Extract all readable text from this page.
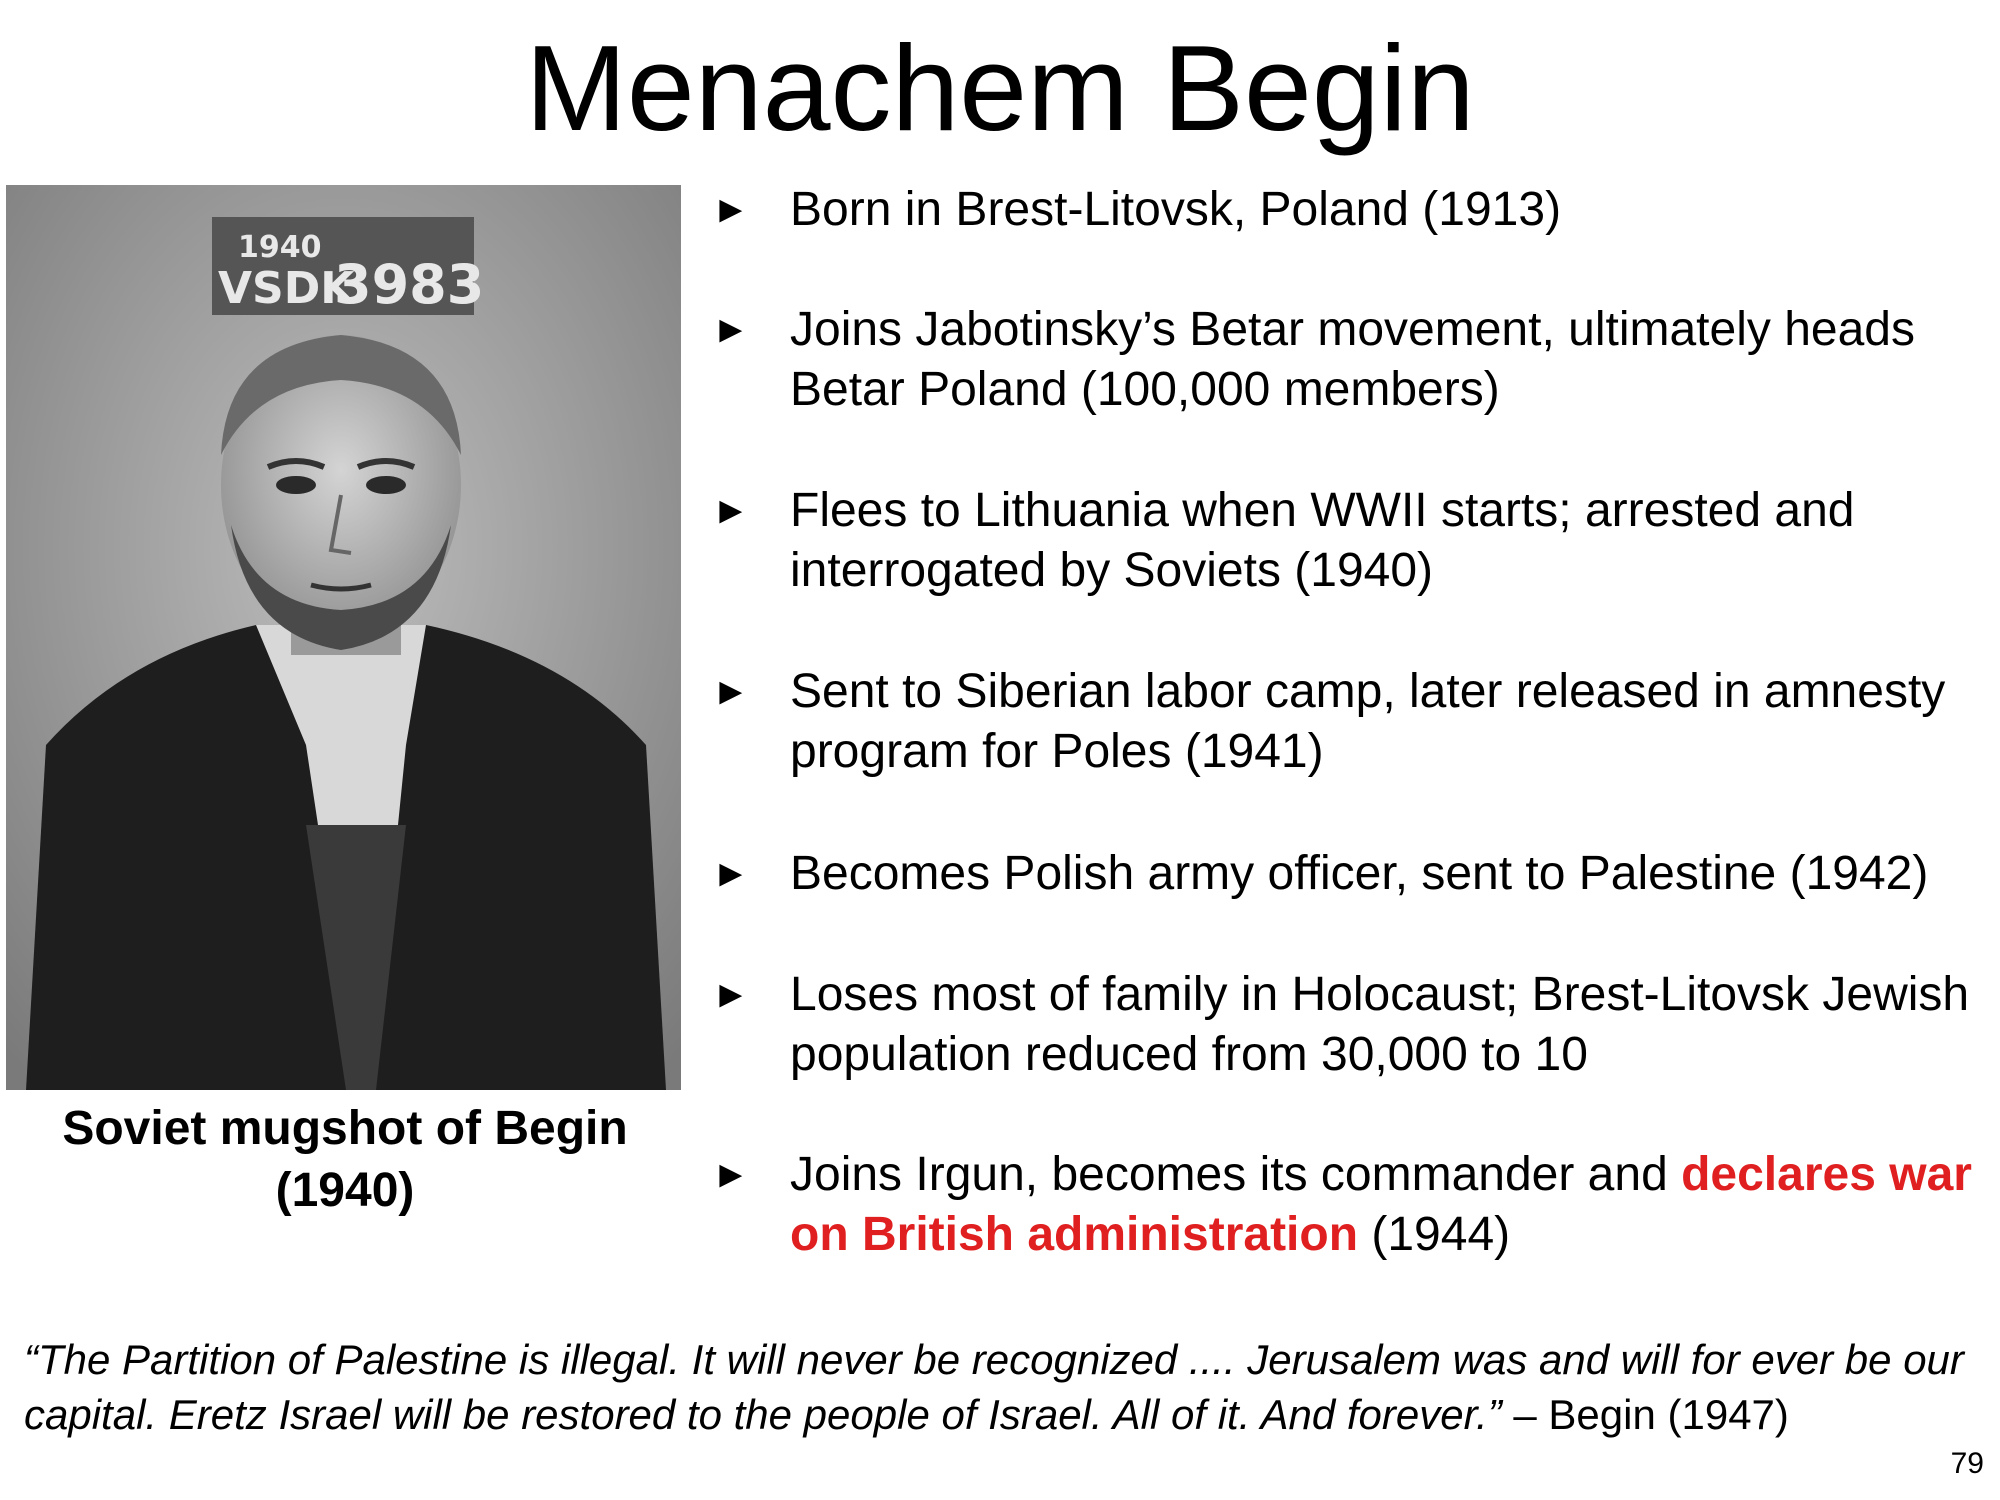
Menachem Begin
1940
VSDK
3983
Soviet mugshot of Begin (1940)
► Born in Brest-Litovsk, Poland (1913)
► Joins Jabotinsky’s Betar movement, ultimately heads Betar Poland (100,000 members)
► Flees to Lithuania when WWII starts; arrested and interrogated by Soviets (1940)
► Sent to Siberian labor camp, later released in amnesty program for Poles (1941)
► Becomes Polish army officer, sent to Palestine (1942)
► Loses most of family in Holocaust; Brest-Litovsk Jewish population reduced from 30,000 to 10
► Joins Irgun, becomes its commander and declares war on British administration (1944)
“The Partition of Palestine is illegal. It will never be recognized .... Jerusalem was and will for ever be our capital. Eretz Israel will be restored to the people of Israel. All of it. And forever.” – Begin (1947)
79
